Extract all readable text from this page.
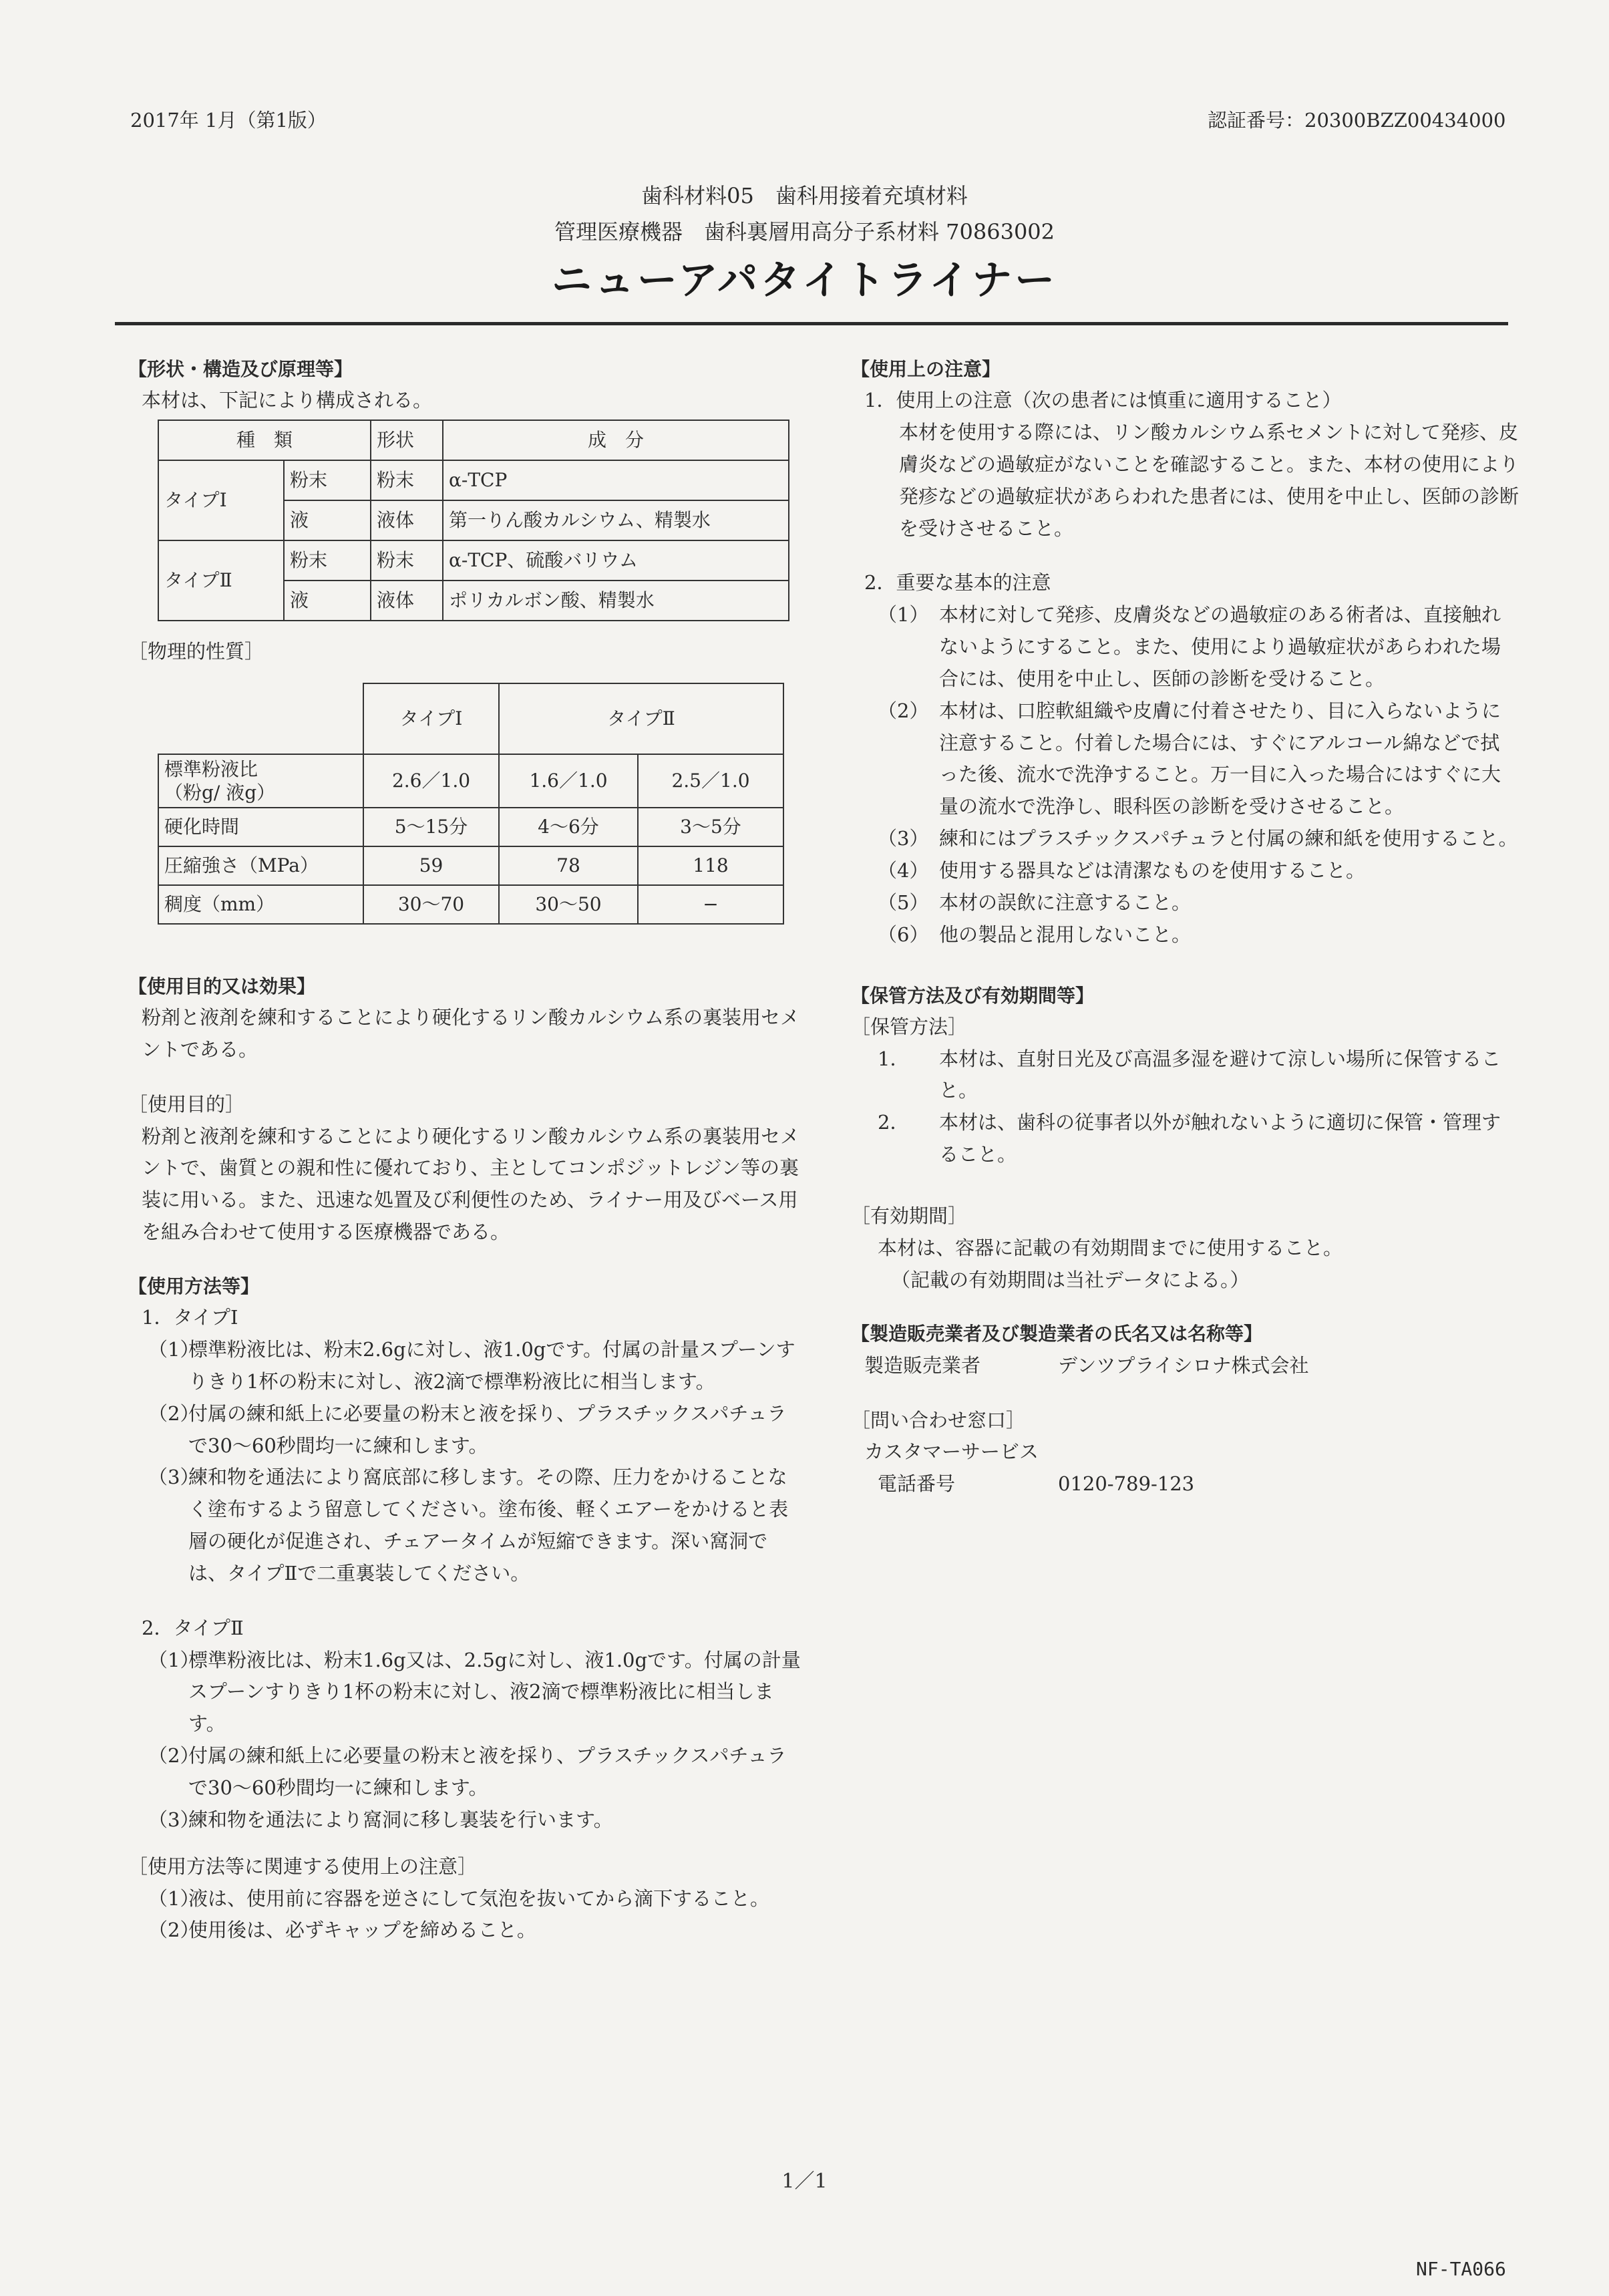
2017年 1月（第1版）	認証番号：20300BZZ00434000
歯科材料05　歯科用接着充填材料
管理医療機器　歯科裏層用高分子系材料 70863002
ニューアパタイトライナー

【形状・構造及び原理等】

本材は、下記により構成される。

種　類		形状	成　分
タイプⅠ	粉末	粉末	α-TCP
	液	液体	第一りん酸カルシウム、精製水
タイプⅡ	粉末	粉末	α-TCP、硫酸バリウム
	液	液体	ポリカルボン酸、精製水

［物理的性質］

	タイプⅠ	タイプⅡ	
標準粉液比
（粉g/ 液g）	2.6／1.0	1.6／1.0	2.5／1.0
硬化時間	5〜15分	4〜6分	3〜5分
圧縮強さ（MPa）	59	78	118
稠度（mm）	30〜70	30〜50	−

【使用目的又は効果】

粉剤と液剤を練和することにより硬化するリン酸カルシウム系の裏装用セメントである。

［使用目的］

粉剤と液剤を練和することにより硬化するリン酸カルシウム系の裏装用セメントで、歯質との親和性に優れており、主としてコンポジットレジン等の裏装に用いる。また、迅速な処置及び利便性のため、ライナー用及びベース用を組み合わせて使用する医療機器である。

【使用方法等】

1．タイプⅠ

（1）
標準粉液比は、粉末2.6gに対し、液1.0gです。付属の計量スプーンすりきり1杯の粉末に対し、液2滴で標準粉液比に相当します。
（2）
付属の練和紙上に必要量の粉末と液を採り、プラスチックスパチュラで30〜60秒間均一に練和します。
（3）
練和物を通法により窩底部に移します。その際、圧力をかけることなく塗布するよう留意してください。塗布後、軽くエアーをかけると表層の硬化が促進され、チェアータイムが短縮できます。深い窩洞では、タイプⅡで二重裏装してください。

2．タイプⅡ

（1）
標準粉液比は、粉末1.6g又は、2.5gに対し、液1.0gです。付属の計量スプーンすりきり1杯の粉末に対し、液2滴で標準粉液比に相当します。
（2）
付属の練和紙上に必要量の粉末と液を採り、プラスチックスパチュラで30〜60秒間均一に練和します。
（3）
練和物を通法により窩洞に移し裏装を行います。

［使用方法等に関連する使用上の注意］

（1）
液は、使用前に容器を逆さにして気泡を抜いてから滴下すること。
（2）
使用後は、必ずキャップを締めること。

【使用上の注意】

1．使用上の注意（次の患者には慎重に適用すること）

本材を使用する際には、リン酸カルシウム系セメントに対して発疹、皮膚炎などの過敏症がないことを確認すること。また、本材の使用により発疹などの過敏症状があらわれた患者には、使用を中止し、医師の診断を受けさせること。

2．重要な基本的注意

（1） 本材に対して発疹、皮膚炎などの過敏症のある術者は、直接触れないようにすること。また、使用により過敏症状があらわれた場合には、使用を中止し、医師の診断を受けること。
（2） 本材は、口腔軟組織や皮膚に付着させたり、目に入らないように注意すること。付着した場合には、すぐにアルコール綿などで拭った後、流水で洗浄すること。万一目に入った場合にはすぐに大量の流水で洗浄し、眼科医の診断を受けさせること。
（3） 練和にはプラスチックスパチュラと付属の練和紙を使用すること。
（4） 使用する器具などは清潔なものを使用すること。
（5） 本材の誤飲に注意すること。
（6） 他の製品と混用しないこと。

【保管方法及び有効期間等】

［保管方法］

1．	本材は、直射日光及び高温多湿を避けて涼しい場所に保管すること。
2．	本材は、歯科の従事者以外が触れないように適切に保管・管理すること。

［有効期間］

本材は、容器に記載の有効期間までに使用すること。

（記載の有効期間は当社データによる。）

【製造販売業者及び製造業者の氏名又は名称等】

製造販売業者	デンツプライシロナ株式会社

［問い合わせ窓口］

カスタマーサービス

電話番号	0120-789-123

1／1
NF-TA066
